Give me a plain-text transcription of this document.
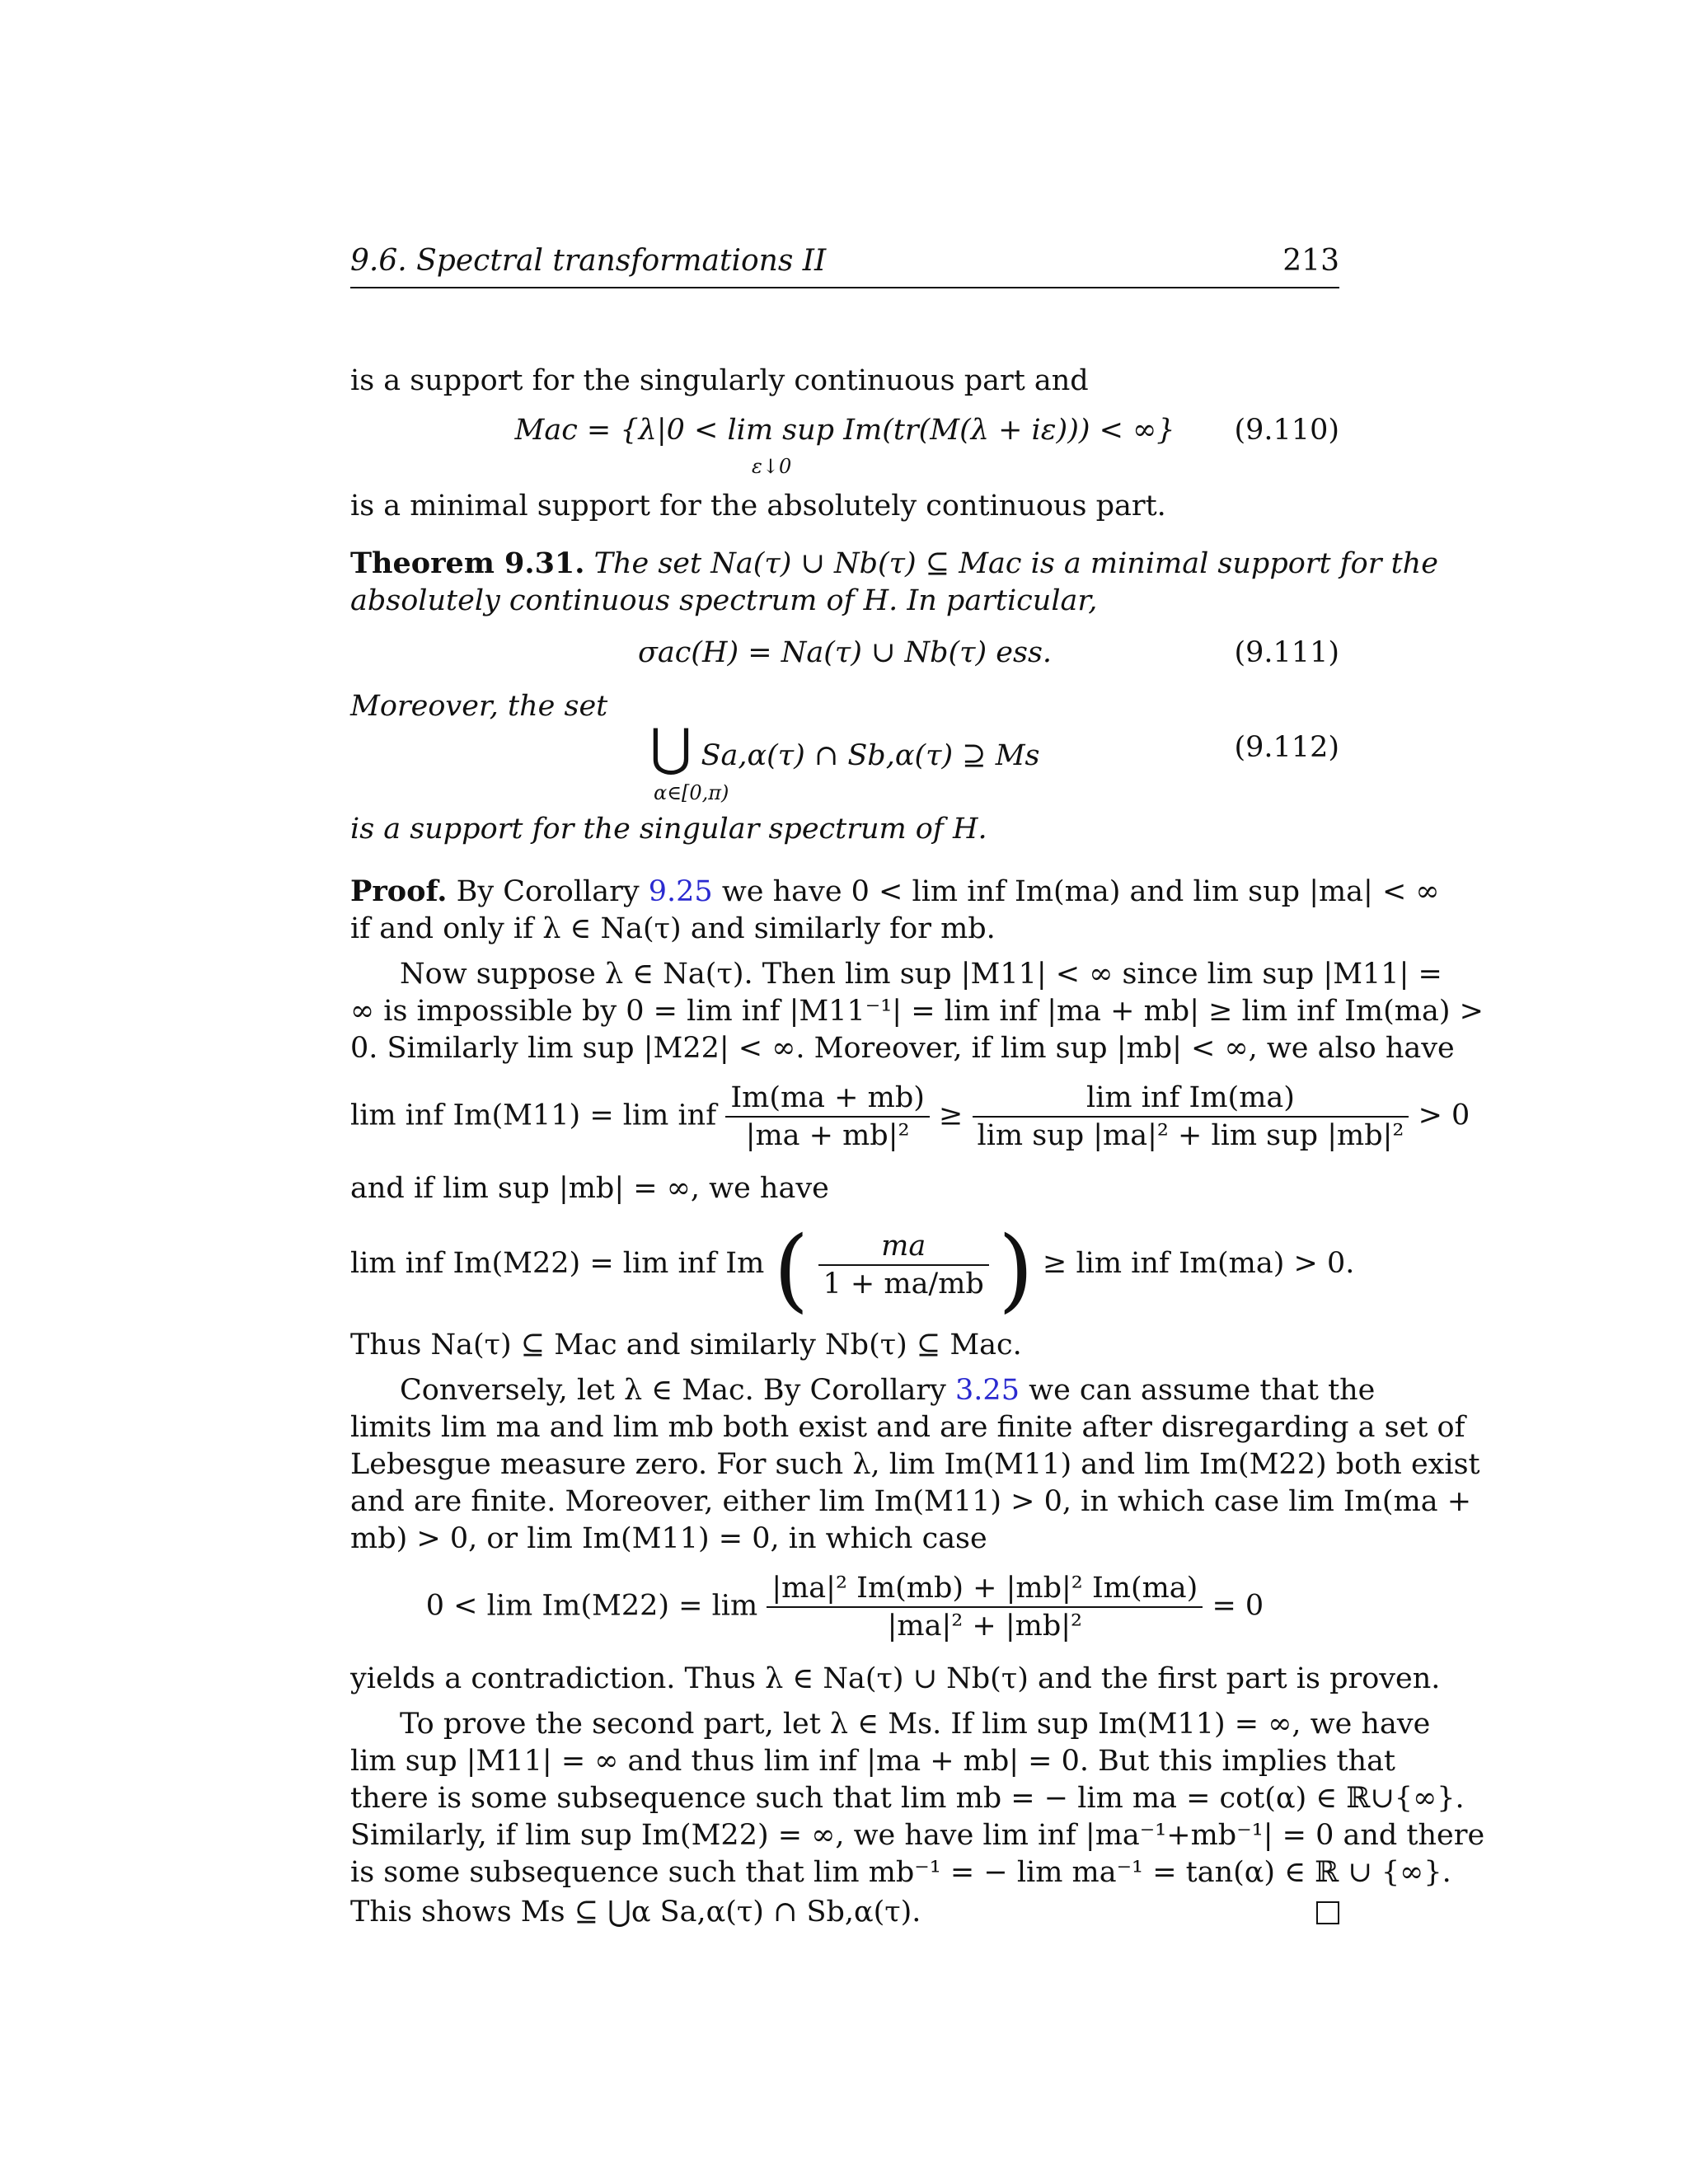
9.6. Spectral transformations II	213
is a support for the singularly continuous part and
Mac = {λ|0 < lim sup Im(tr(M(λ + iε))) < ∞}	(9.110)
ε↓0
is a minimal support for the absolutely continuous part.
Theorem 9.31. The set Na(τ) ∪ Nb(τ) ⊆ Mac is a minimal support for the
absolutely continuous spectrum of H. In particular,
σac(H) = Na(τ) ∪ Nb(τ) ess.	(9.111)
Moreover, the set
⋃ Sa,α(τ) ∩ Sb,α(τ) ⊇ Ms	(9.112)
α∈[0,π)
is a support for the singular spectrum of H.
Proof. By Corollary 9.25 we have 0 < lim inf Im(ma) and lim sup |ma| < ∞
if and only if λ ∈ Na(τ) and similarly for mb.
Now suppose λ ∈ Na(τ). Then lim sup |M11| < ∞ since lim sup |M11| =
∞ is impossible by 0 = lim inf |M11⁻¹| = lim inf |ma + mb| ≥ lim inf Im(ma) >
0. Similarly lim sup |M22| < ∞. Moreover, if lim sup |mb| < ∞, we also have
lim inf Im(M11) = lim inf $\frac{Im(ma + mb)}{\text{|ma + mb|²}} \ge \frac{\text{lim inf Im(ma)}}{\text{lim sup |ma|² + lim sup |mb|²}} > 0$
and if lim sup |mb| = ∞, we have
lim inf Im(M22) = lim inf Im ( $\frac{ma}{1 + ma/mb}$ ) ≥ lim inf Im(ma) > 0.
Thus Na(τ) ⊆ Mac and similarly Nb(τ) ⊆ Mac.
Conversely, let λ ∈ Mac. By Corollary 3.25 we can assume that the
limits lim ma and lim mb both exist and are finite after disregarding a set of
Lebesgue measure zero. For such λ, lim Im(M11) and lim Im(M22) both exist
and are finite. Moreover, either lim Im(M11) > 0, in which case lim Im(ma +
mb) > 0, or lim Im(M11) = 0, in which case
$0 < \lim Im(M22) = \lim \frac{\text{|ma|² Im(mb) + |mb|² Im(ma)}}{\text{|ma|² + |mb|²}} = 0$
yields a contradiction. Thus λ ∈ Na(τ) ∪ Nb(τ) and the first part is proven.
To prove the second part, let λ ∈ Ms. If lim sup Im(M11) = ∞, we have
lim sup |M11| = ∞ and thus lim inf |ma + mb| = 0. But this implies that
there is some subsequence such that lim mb = − lim ma = cot(α) ∈ ℝ∪{∞}.
Similarly, if lim sup Im(M22) = ∞, we have lim inf |ma⁻¹+mb⁻¹| = 0 and there
is some subsequence such that lim mb⁻¹ = − lim ma⁻¹ = tan(α) ∈ ℝ ∪ {∞}.
This shows Ms ⊆ ⋃α Sa,α(τ) ∩ Sb,α(τ).
